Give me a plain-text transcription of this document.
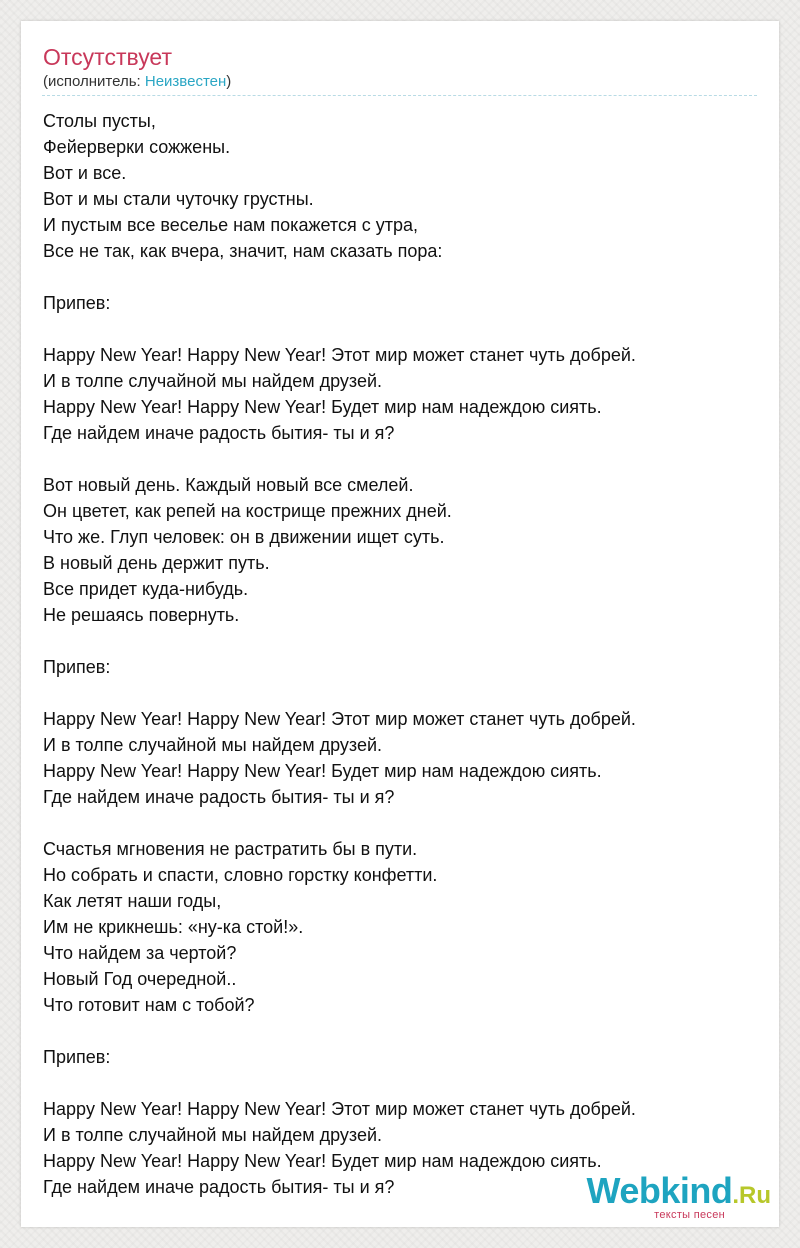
Отсутствует
(исполнитель: Неизвестен)
Столы пусты,
Фейерверки сожжены.
Вот и все.
Вот и мы стали чуточку грустны.
И пустым все веселье нам покажется с утра,
Все не так, как вчера, значит, нам сказать пора:
Припев:
Happy New Year! Happy New Year! Этот мир может станет чуть добрей.
И в толпе случайной мы найдем друзей.
Happy New Year! Happy New Year! Будет мир нам надеждою сиять.
Где найдем иначе радость бытия- ты и я?
Вот новый день. Каждый новый все смелей.
Он цветет, как репей на кострище прежних дней.
Что же. Глуп человек: он в движении ищет суть.
В новый день держит путь.
Все придет куда-нибудь.
Не решаясь повернуть.
Припев:
Happy New Year! Happy New Year! Этот мир может станет чуть добрей.
И в толпе случайной мы найдем друзей.
Happy New Year! Happy New Year! Будет мир нам надеждою сиять.
Где найдем иначе радость бытия- ты и я?
Счастья мгновения не растратить бы в пути.
Но собрать и спасти, словно горстку конфетти.
Как летят наши годы,
Им не крикнешь: «ну-ка стой!».
Что найдем за чертой?
Новый Год очередной..
Что готовит нам с тобой?
Припев:
Happy New Year! Happy New Year! Этот мир может станет чуть добрей.
И в толпе случайной мы найдем друзей.
Happy New Year! Happy New Year! Будет мир нам надеждою сиять.
Где найдем иначе радость бытия- ты и я?	Webkind.Ru
тексты песен
